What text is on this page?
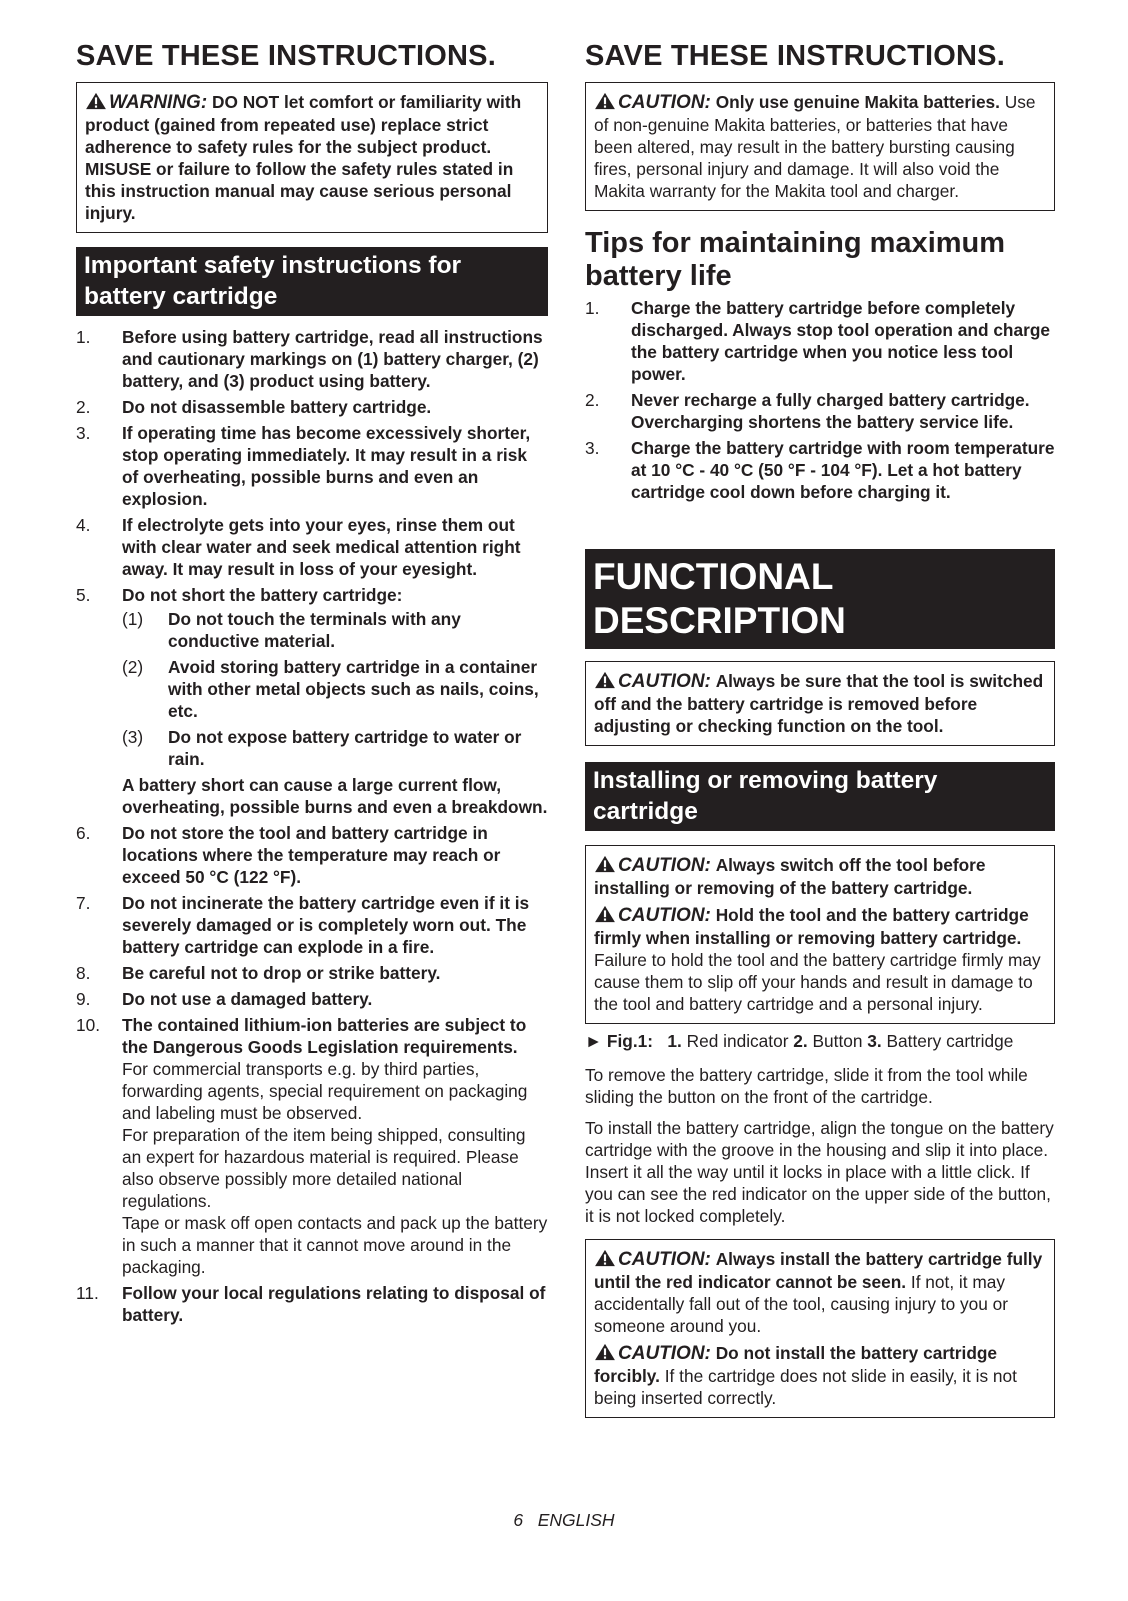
SAVE THESE INSTRUCTIONS.

WARNING: DO NOT let comfort or familiarity with product (gained from repeated use) replace strict adherence to safety rules for the subject product. MISUSE or failure to follow the safety rules stated in this instruction manual may cause serious personal injury.

Important safety instructions for battery cartridge
1. Before using battery cartridge, read all instructions and cautionary markings on (1) battery charger, (2) battery, and (3) product using battery.
2. Do not disassemble battery cartridge.
3. If operating time has become excessively shorter, stop operating immediately. It may result in a risk of overheating, possible burns and even an explosion.
4. If electrolyte gets into your eyes, rinse them out with clear water and seek medical attention right away. It may result in loss of your eyesight.
5. Do not short the battery cartridge:
(1) Do not touch the terminals with any conductive material.
(2) Avoid storing battery cartridge in a container with other metal objects such as nails, coins, etc.
(3) Do not expose battery cartridge to water or rain.
A battery short can cause a large current flow, overheating, possible burns and even a breakdown.
6. Do not store the tool and battery cartridge in locations where the temperature may reach or exceed 50 °C (122 °F).
7. Do not incinerate the battery cartridge even if it is severely damaged or is completely worn out. The battery cartridge can explode in a fire.
8. Be careful not to drop or strike battery.
9. Do not use a damaged battery.
10. The contained lithium-ion batteries are subject to the Dangerous Goods Legislation requirements.
For commercial transports e.g. by third parties, forwarding agents, special requirement on packaging and labeling must be observed.
For preparation of the item being shipped, consulting an expert for hazardous material is required. Please also observe possibly more detailed national regulations.
Tape or mask off open contacts and pack up the battery in such a manner that it cannot move around in the packaging.
11. Follow your local regulations relating to disposal of battery.
SAVE THESE INSTRUCTIONS.

CAUTION: Only use genuine Makita batteries. Use of non-genuine Makita batteries, or batteries that have been altered, may result in the battery bursting causing fires, personal injury and damage. It will also void the Makita warranty for the Makita tool and charger.

Tips for maintaining maximum battery life
1. Charge the battery cartridge before completely discharged. Always stop tool operation and charge the battery cartridge when you notice less tool power.
2. Never recharge a fully charged battery cartridge. Overcharging shortens the battery service life.
3. Charge the battery cartridge with room temperature at 10 °C - 40 °C (50 °F - 104 °F). Let a hot battery cartridge cool down before charging it.
FUNCTIONAL DESCRIPTION

CAUTION: Always be sure that the tool is switched off and the battery cartridge is removed before adjusting or checking function on the tool.

Installing or removing battery cartridge

CAUTION: Always switch off the tool before installing or removing of the battery cartridge.

CAUTION: Hold the tool and the battery cartridge firmly when installing or removing battery cartridge. Failure to hold the tool and the battery cartridge firmly may cause them to slip off your hands and result in damage to the tool and battery cartridge and a personal injury.

► Fig.1: 1. Red indicator 2. Button 3. Battery cartridge

To remove the battery cartridge, slide it from the tool while sliding the button on the front of the cartridge.

To install the battery cartridge, align the tongue on the battery cartridge with the groove in the housing and slip it into place. Insert it all the way until it locks in place with a little click. If you can see the red indicator on the upper side of the button, it is not locked completely.

CAUTION: Always install the battery cartridge fully until the red indicator cannot be seen. If not, it may accidentally fall out of the tool, causing injury to you or someone around you.

CAUTION: Do not install the battery cartridge forcibly. If the cartridge does not slide in easily, it is not being inserted correctly.

6   ENGLISH
